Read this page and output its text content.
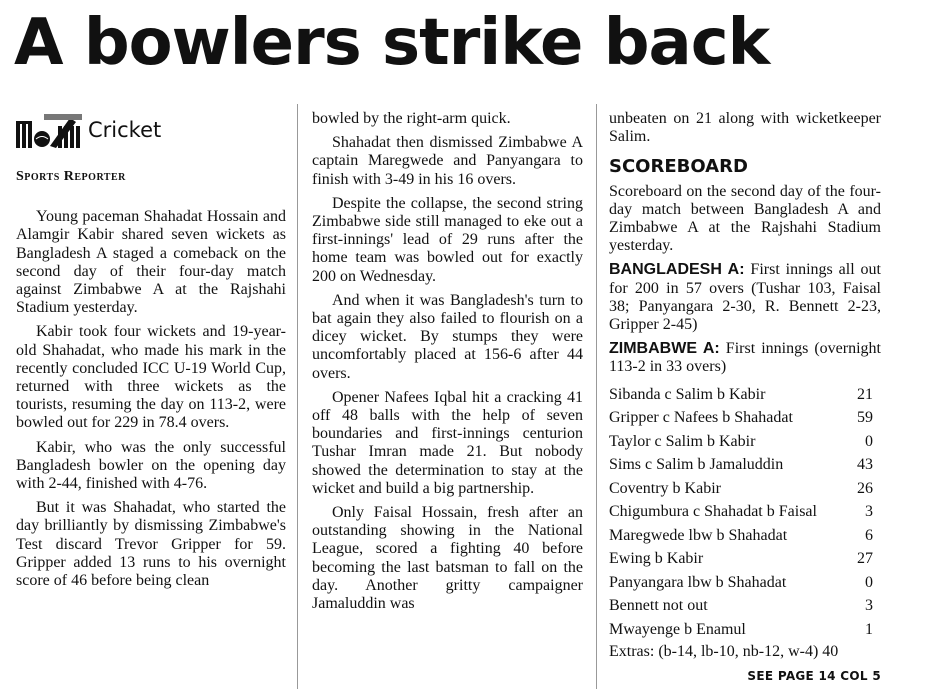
A bowlers strike back
Cricket
Sports Reporter

Young paceman Shahadat Hossain and Alamgir Kabir shared seven wickets as Bangladesh A staged a comeback on the second day of their four-day match against Zimbabwe A at the Rajshahi Stadium yesterday.

Kabir took four wickets and 19-year-old Shahadat, who made his mark in the recently concluded ICC U-19 World Cup, returned with three wickets as the tourists, resuming the day on 113-2, were bowled out for 229 in 78.4 overs.

Kabir, who was the only successful Bangladesh bowler on the opening day with 2-44, finished with 4-76.

But it was Shahadat, who started the day brilliantly by dismissing Zimbabwe's Test discard Trevor Gripper for 59. Gripper added 13 runs to his overnight score of 46 before being clean

bowled by the right-arm quick.

Shahadat then dismissed Zimbabwe A captain Maregwede and Panyangara to finish with 3-49 in his 16 overs.

Despite the collapse, the second string Zimbabwe side still managed to eke out a first-innings' lead of 29 runs after the home team was bowled out for exactly 200 on Wednesday.

And when it was Bangladesh's turn to bat again they also failed to flourish on a dicey wicket. By stumps they were uncomfortably placed at 156-6 after 44 overs.

Opener Nafees Iqbal hit a cracking 41 off 48 balls with the help of seven boundaries and first-innings centurion Tushar Imran made 21. But nobody showed the determination to stay at the wicket and build a big partnership.

Only Faisal Hossain, fresh after an outstanding showing in the National League, scored a fighting 40 before becoming the last batsman to fall on the day. Another gritty campaigner Jamaluddin was

unbeaten on 21 along with wicketkeeper Salim.

SCOREBOARD

Scoreboard on the second day of the four-day match between Bangladesh A and Zimbabwe A at the Rajshahi Stadium yesterday.

BANGLADESH A: First innings all out for 200 in 57 overs (Tushar 103, Faisal 38; Panyangara 2-30, R. Bennett 2-23, Gripper 2-45)

ZIMBABWE A: First innings (overnight 113-2 in 33 overs)

Sibanda c Salim b Kabir	21
Gripper c Nafees b Shahadat	59
Taylor c Salim b Kabir	0
Sims c Salim b Jamaluddin	43
Coventry b Kabir	26
Chigumbura c Shahadat b Faisal	3
Maregwede lbw b Shahadat	6
Ewing b Kabir	27
Panyangara lbw b Shahadat	0
Bennett not out	3
Mwayenge b Enamul	1
Extras: (b-14, lb-10, nb-12, w-4) 40
SEE PAGE 14 COL 5
